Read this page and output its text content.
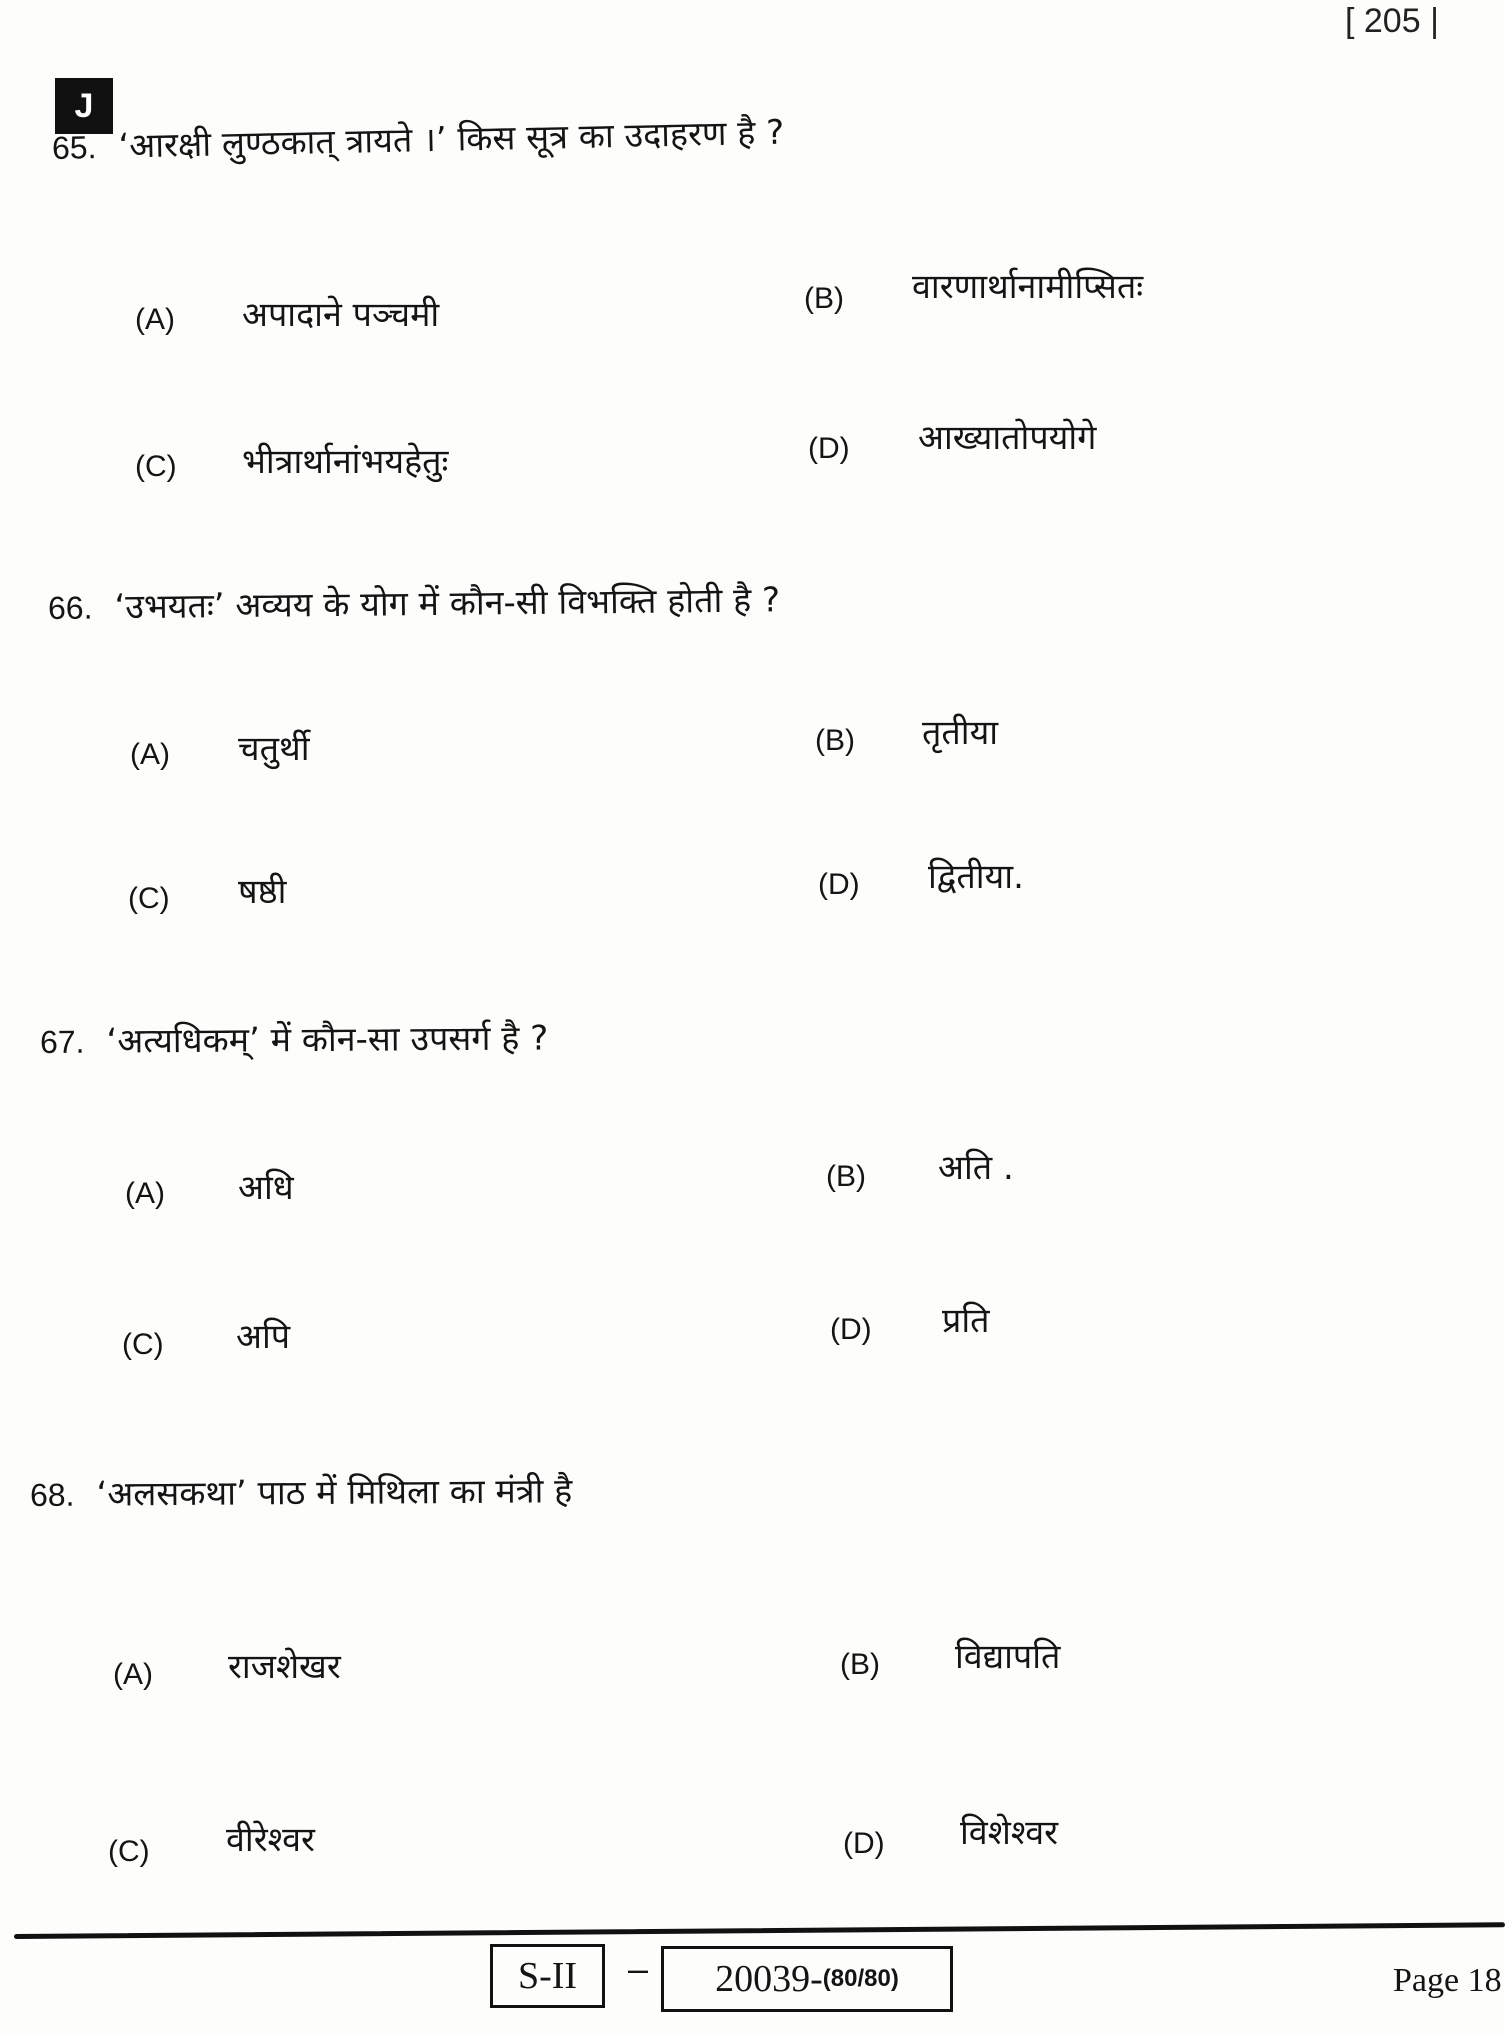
[ 205 |
J
65. ‘आरक्षी लुण्ठकात् त्रायते ।’ किस सूत्र का उदाहरण है ?
(A) अपादाने पञ्चमी	(B) वारणार्थानामीप्सितः
(C) भीत्रार्थानांभयहेतुः	(D) आख्यातोपयोगे
66. ‘उभयतः’ अव्यय के योग में कौन-सी विभक्ति होती है ?
(A) चतुर्थी	(B) तृतीया
(C) षष्ठी	(D) द्वितीया.
67. ‘अत्यधिकम्’ में कौन-सा उपसर्ग है ?
(A) अधि	(B) अति .
(C) अपि	(D) प्रति
68. ‘अलसकथा’ पाठ में मिथिला का मंत्री है
(A) राजशेखर	(B) विद्यापति
(C) वीरेश्वर	(D) विशेश्वर
S-II – 20039- (80/80)	Page 18
